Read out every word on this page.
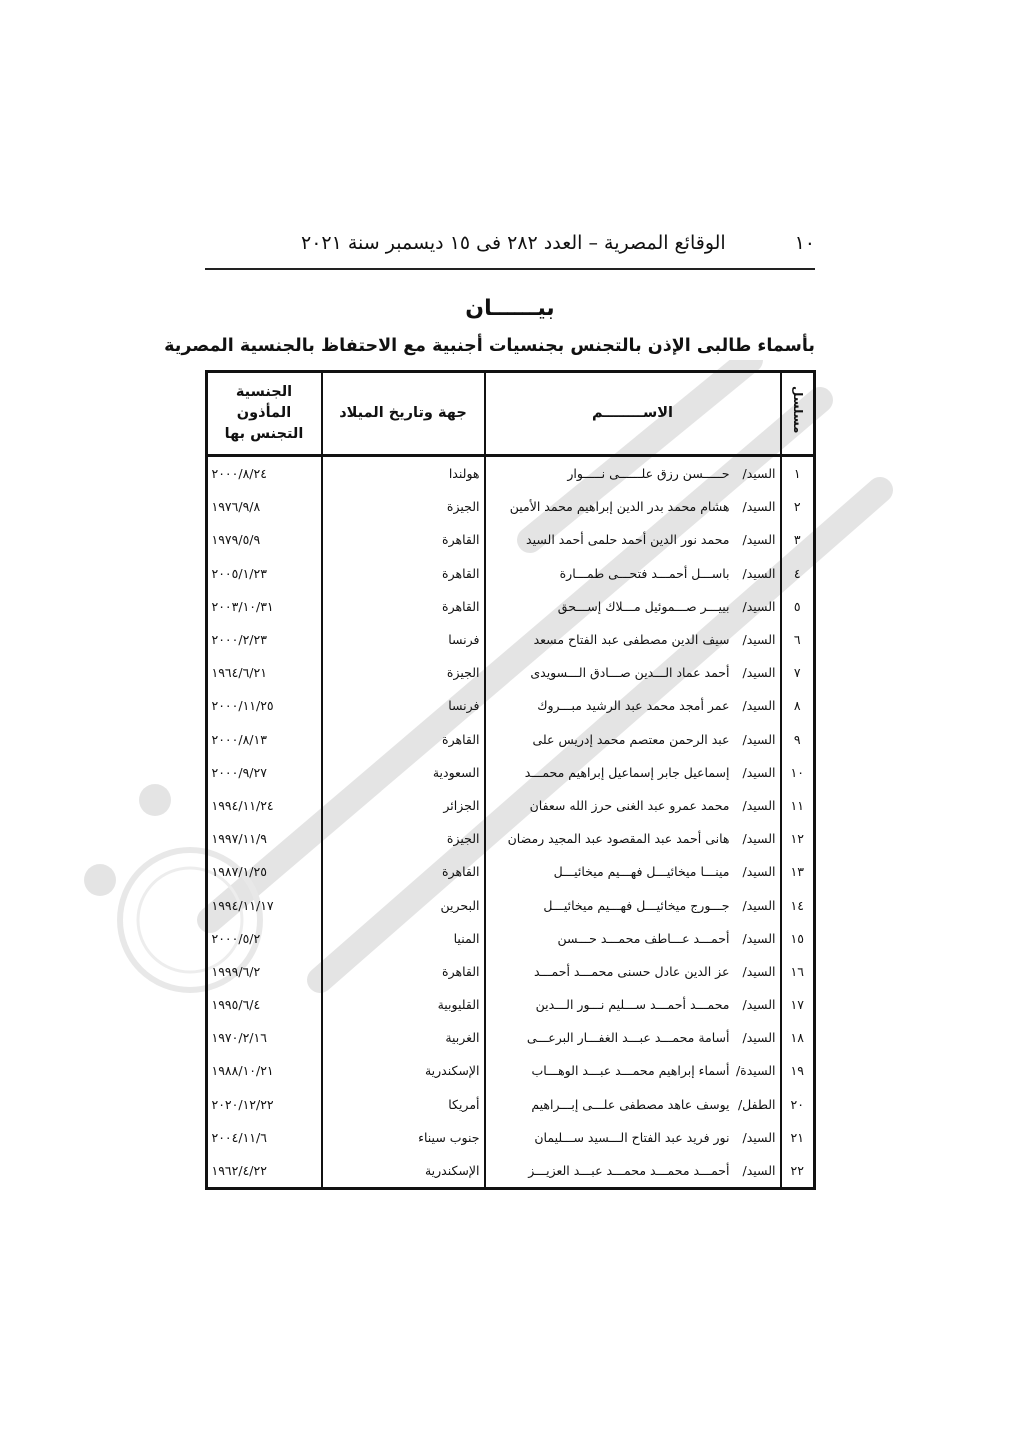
١٠
الوقائع المصرية – العدد ٢٨٢ فى ١٥ ديسمبر سنة ٢٠٢١
بيــــــان
بأسماء طالبى الإذن بالتجنس بجنسيات أجنبية مع الاحتفاظ بالجنسية المصرية
مسلسل	الاســــــــم	جهة وتاريخ الميلاد	الجنسية المأذون
التجنس بها	

١	السيد/حـــــسن رزق علــــــى نـــــوار	هولندا	٢٠٠٠/٨/٢٤	
٢	السيد/هشام محمد بدر الدين إبراهيم محمد الأمين	الجيزة	١٩٧٦/٩/٨	
٣	السيد/محمد نور الدين أحمد حلمى أحمد السيد	القاهرة	١٩٧٩/٥/٩	
٤	السيد/باســـل أحمـــد فتحـــى طمـــارة	القاهرة	٢٠٠٥/١/٢٣	
٥	السيد/بييـــر صـــموئيل مـــلاك إســـحق	القاهرة	٢٠٠٣/١٠/٣١	
٦	السيد/سيف الدين مصطفى عبد الفتاح مسعد	فرنسا	٢٠٠٠/٢/٢٣	
٧	السيد/أحمد عماد الـــدين صـــادق الـــسويدى	الجيزة	١٩٦٤/٦/٢١	
٨	السيد/عمر أمجد محمد عبد الرشيد مبـــروك	فرنسا	٢٠٠٠/١١/٢٥	
٩	السيد/عبد الرحمن معتصم محمد إدريس على	القاهرة	٢٠٠٠/٨/١٣	
١٠	السيد/إسماعيل جابر إسماعيل إبراهيم محمـــد	السعودية	٢٠٠٠/٩/٢٧	
١١	السيد/محمد عمرو عبد الغنى حرز الله سعفان	الجزائر	١٩٩٤/١١/٢٤	
١٢	السيد/هانى أحمد عبد المقصود عبد المجيد رمضان	الجيزة	١٩٩٧/١١/٩	
١٣	السيد/مينـــا ميخائيـــل فهـــيم ميخائيـــل	القاهرة	١٩٨٧/١/٢٥	
١٤	السيد/جـــورج ميخائيـــل فهـــيم ميخائيـــل	البحرين	١٩٩٤/١١/١٧	
١٥	السيد/أحمـــد عـــاطف محمـــد حـــسن	المنيا	٢٠٠٠/٥/٢	
١٦	السيد/عز الدين عادل حسنى محمـــد أحمـــد	القاهرة	١٩٩٩/٦/٢	
١٧	السيد/محمـــد أحمـــد ســـليم نـــور الـــدين	القليوبية	١٩٩٥/٦/٤	
١٨	السيد/أسامة محمـــد عبـــد الغفـــار البرعـــى	الغربية	١٩٧٠/٢/١٦	
١٩	السيدة/أسماء إبراهيم محمـــد عبـــد الوهـــاب	الإسكندرية	١٩٨٨/١٠/٢١	
٢٠	الطفل/يوسف عاهد مصطفى علـــى إبـــراهيم	أمريكا	٢٠٢٠/١٢/٢٢	
٢١	السيد/نور فريد عبد الفتاح الـــسيد ســـليمان	جنوب سيناء	٢٠٠٤/١١/٦	
٢٢	السيد/أحمـــد محمـــد محمـــد عبـــد العزيـــز	الإسكندرية	١٩٦٢/٤/٢٢	
